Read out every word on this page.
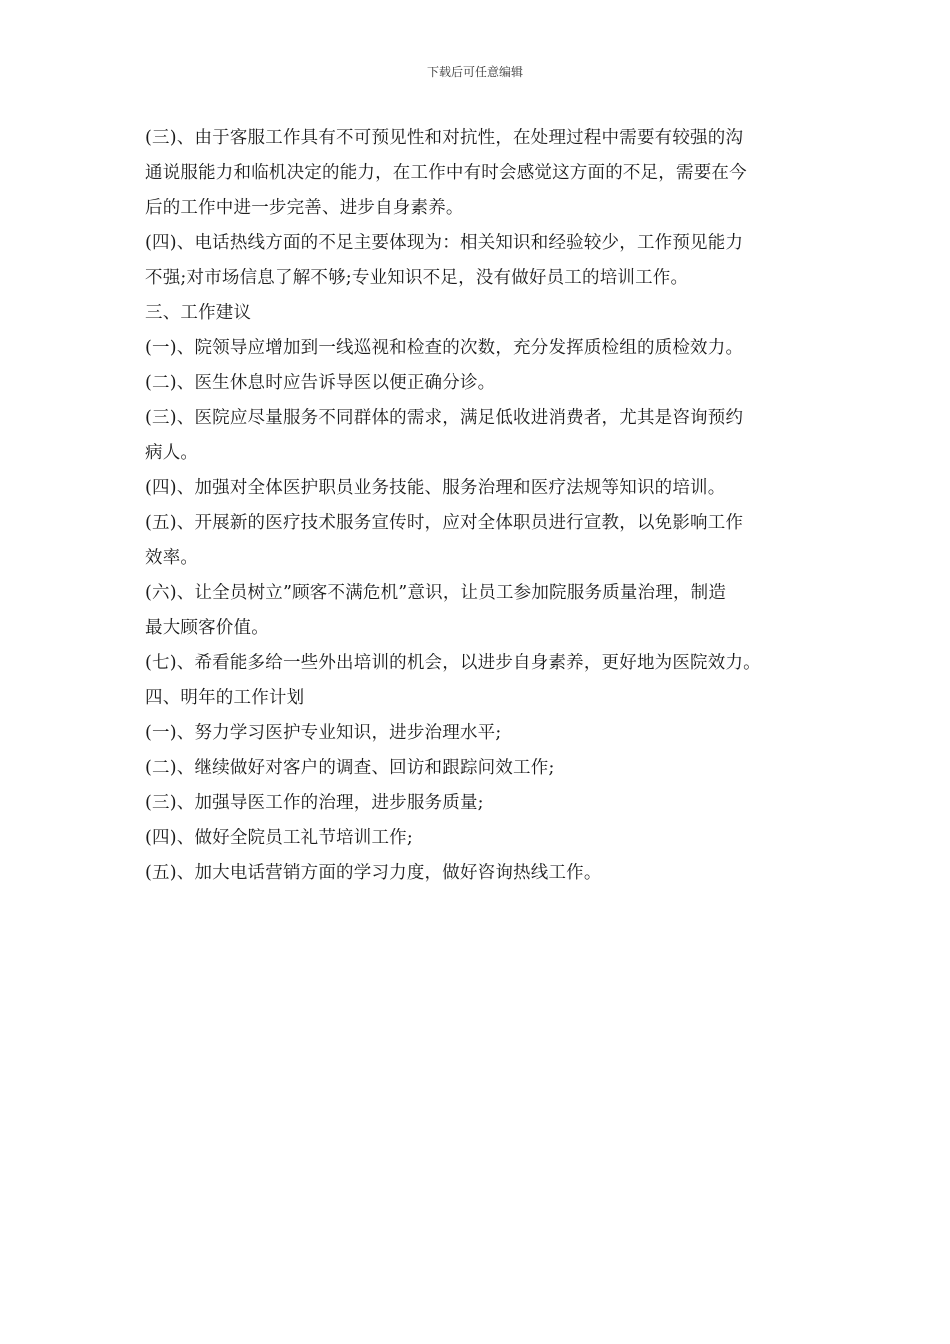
下载后可任意编辑
(三)、由于客服工作具有不可预见性和对抗性，在处理过程中需要有较强的沟
通说服能力和临机决定的能力，在工作中有时会感觉这方面的不足，需要在今
后的工作中进一步完善、进步自身素养。
(四)、电话热线方面的不足主要体现为：相关知识和经验较少，工作预见能力
不强;对市场信息了解不够;专业知识不足，没有做好员工的培训工作。
三、工作建议
(一)、院领导应增加到一线巡视和检查的次数，充分发挥质检组的质检效力。
(二)、医生休息时应告诉导医以便正确分诊。
(三)、医院应尽量服务不同群体的需求，满足低收进消费者，尤其是咨询预约
病人。
(四)、加强对全体医护职员业务技能、服务治理和医疗法规等知识的培训。
(五)、开展新的医疗技术服务宣传时，应对全体职员进行宣教，以免影响工作
效率。
(六)、让全员树立”顾客不满危机”意识，让员工参加院服务质量治理，制造
最大顾客价值。
(七)、希看能多给一些外出培训的机会，以进步自身素养，更好地为医院效力。
四、明年的工作计划
(一)、努力学习医护专业知识，进步治理水平;
(二)、继续做好对客户的调查、回访和跟踪问效工作;
(三)、加强导医工作的治理，进步服务质量;
(四)、做好全院员工礼节培训工作;
(五)、加大电话营销方面的学习力度，做好咨询热线工作。
